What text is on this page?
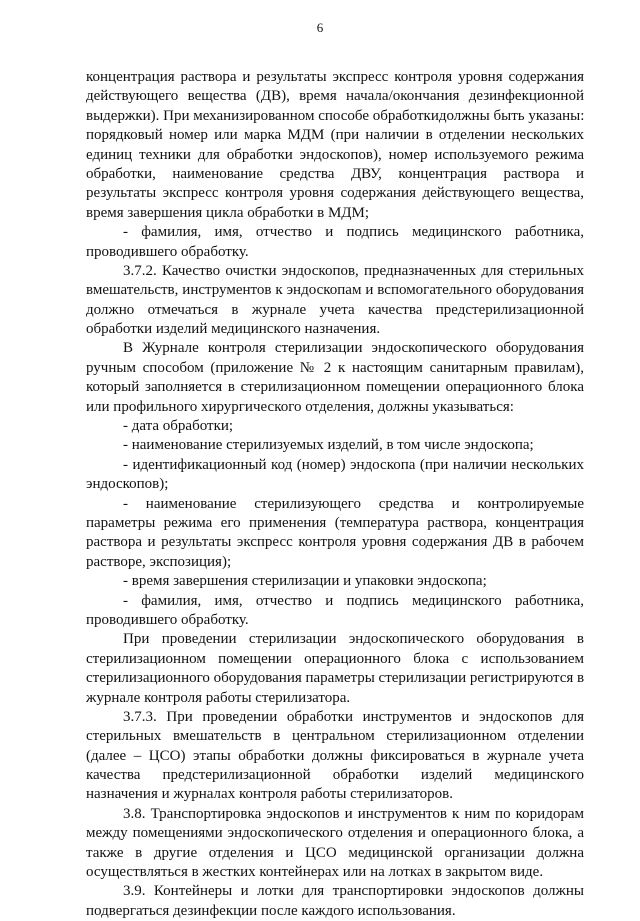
6
концентрация раствора и результаты экспресс контроля уровня содержания
действующего вещества (ДВ), время начала/окончания дезинфекционной
выдержки). При механизированном способе обработкидолжны быть указаны:
порядковый номер или марка МДМ (при наличии в отделении нескольких
единиц техники для обработки эндоскопов), номер используемого режима
обработки, наименование средства ДВУ, концентрация раствора и
результаты экспресс контроля уровня содержания действующего вещества,
время завершения цикла обработки в МДМ;
- фамилия, имя, отчество и подпись медицинского работника,
проводившего обработку.
3.7.2. Качество очистки эндоскопов, предназначенных для стерильных
вмешательств, инструментов к эндоскопам и вспомогательного оборудования
должно отмечаться в журнале учета качества предстерилизационной
обработки изделий медицинского назначения.
В Журнале контроля стерилизации эндоскопического оборудования
ручным способом (приложение № 2 к настоящим санитарным правилам),
который заполняется в стерилизационном помещении операционного блока
или профильного хирургического отделения, должны указываться:
- дата обработки;
- наименование стерилизуемых изделий, в том числе эндоскопа;
- идентификационный код (номер) эндоскопа (при наличии нескольких
эндоскопов);
- наименование стерилизующего средства и контролируемые
параметры режима его применения (температура раствора, концентрация
раствора и результаты экспресс контроля уровня содержания ДВ в рабочем
растворе, экспозиция);
- время завершения стерилизации и упаковки эндоскопа;
- фамилия, имя, отчество и подпись медицинского работника,
проводившего обработку.
При проведении стерилизации эндоскопического оборудования в
стерилизационном помещении операционного блока с использованием
стерилизационного оборудования параметры стерилизации регистрируются в
журнале контроля работы стерилизатора.
3.7.3. При проведении обработки инструментов и эндоскопов для
стерильных вмешательств в центральном стерилизационном отделении
(далее – ЦСО) этапы обработки должны фиксироваться в журнале учета
качества предстерилизационной обработки изделий медицинского
назначения и журналах контроля работы стерилизаторов.
3.8. Транспортировка эндоскопов и инструментов к ним по коридорам
между помещениями эндоскопического отделения и операционного блока, а
также в другие отделения и ЦСО медицинской организации должна
осуществляться в жестких контейнерах или на лотках в закрытом виде.
3.9. Контейнеры и лотки для транспортировки эндоскопов должны
подвергаться дезинфекции после каждого использования.
